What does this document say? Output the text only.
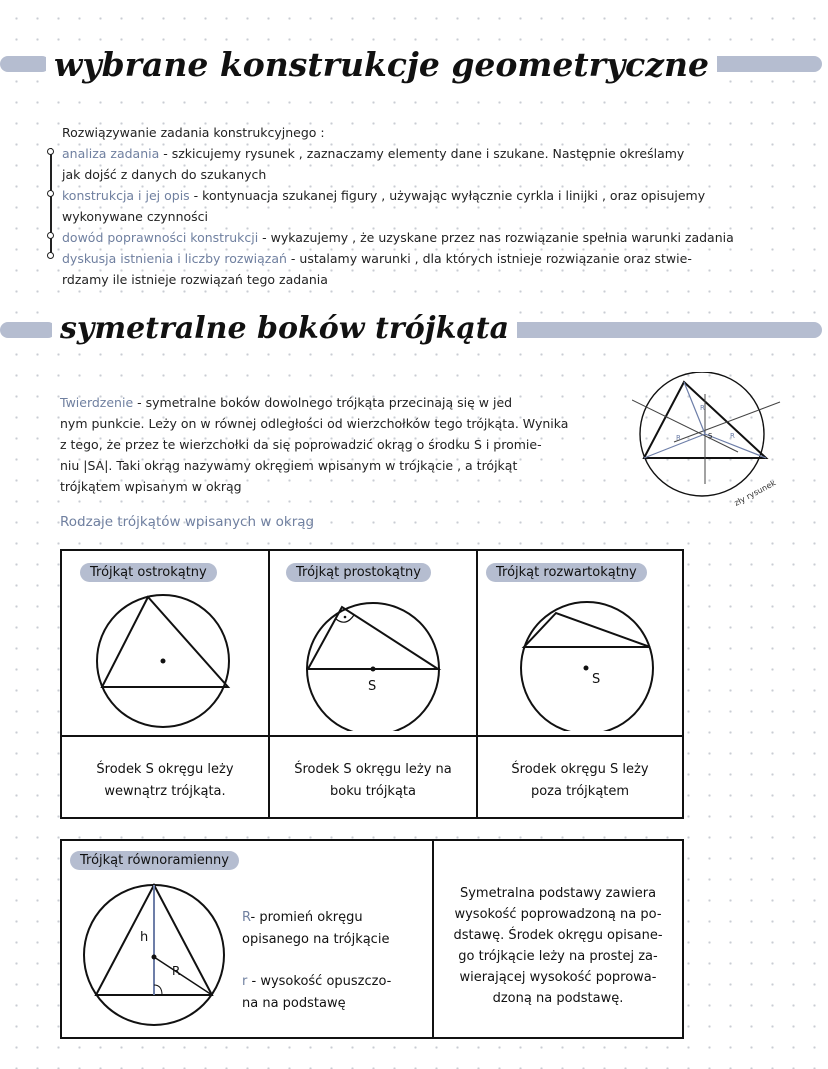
wybrane konstrukcje geometryczne
Rozwiązywanie zadania konstrukcyjnego :

analiza zadania - szkicujemy rysunek , zaznaczamy elementy dane i szukane. Następnie określamy

jak dojść z danych do szukanych

konstrukcja i jej opis - kontynuacja szukanej figury , używając wyłącznie cyrkla i linijki , oraz opisujemy

wykonywane czynności

dowód poprawności konstrukcji - wykazujemy , że uzyskane przez nas rozwiązanie spełnia warunki zadania

dyskusja istnienia i liczby rozwiązań - ustalamy warunki , dla których istnieje rozwiązanie oraz stwie-

rdzamy ile istnieje rozwiązań tego zadania

symetralne boków trójkąta
Twierdzenie - symetralne boków dowolnego trójkąta przecinają się w jed
nym punkcie. Leży on w równej odległości od wierzchołków tego trójkąta. Wynika
z tego, że przez te wierzchołki da się poprowadzić okrąg o środku S i promie-
niu |SA|. Taki okrąg nazywamy okręgiem wpisanym w trójkącie , a trójkąt
trójkątem wpisanym w okrąg
R
R
R
S
zły rysunek
Rodzaje trójkątów wpisanych w okrąg
Trójkąt ostrokątny
Środek S okręgu leży
wewnątrz trójkąta.
Trójkąt prostokątny
S
Środek S okręgu leży na
boku trójkąta
Trójkąt rozwartokątny
S
Środek okręgu S leży
poza trójkątem
Trójkąt równoramienny
h
R
R- promień okręgu
opisanego na trójkącie
r - wysokość opuszczo-
na na podstawę
Symetralna podstawy zawiera
wysokość poprowadzoną na po-
dstawę. Środek okręgu opisane-
go trójkącie leży na prostej za-
wierającej wysokość poprowa-
dzoną na podstawę.
